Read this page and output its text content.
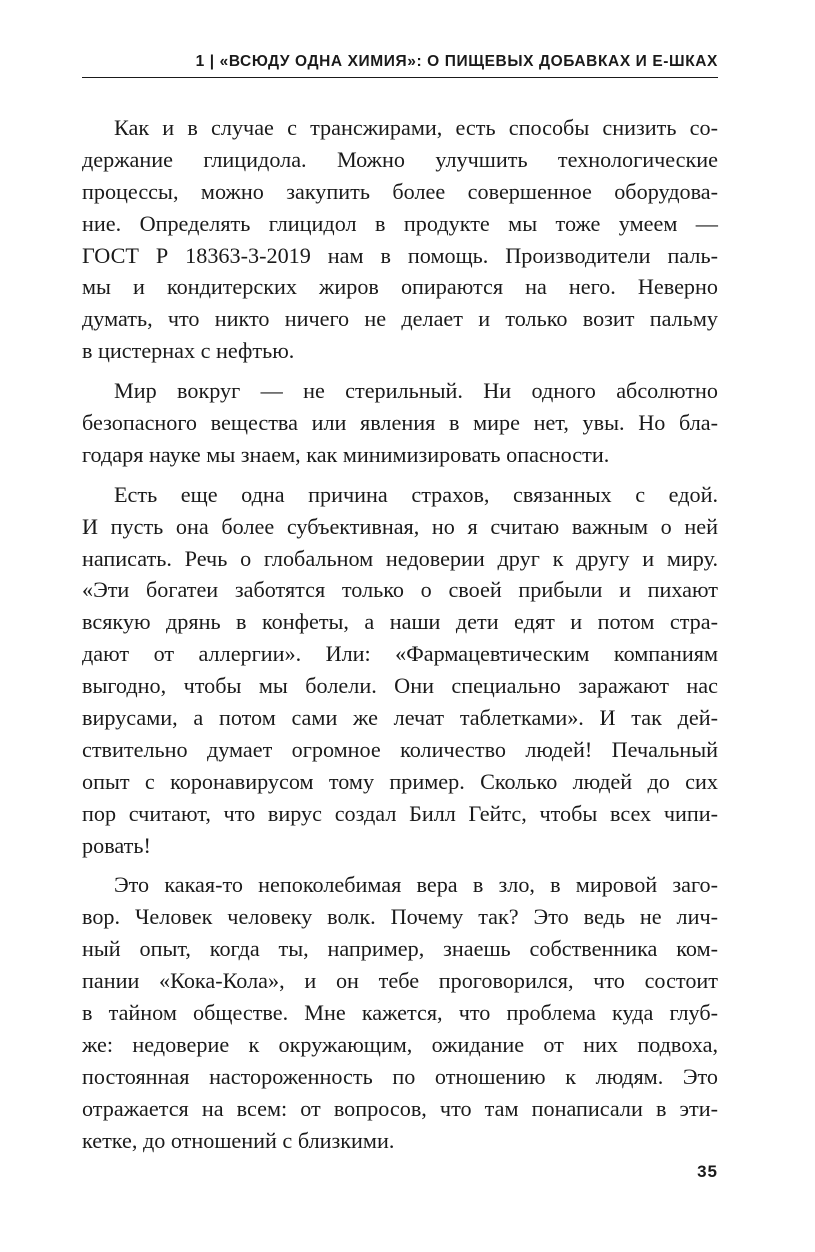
1 | «ВСЮДУ ОДНА ХИМИЯ»: О ПИЩЕВЫХ ДОБАВКАХ И Е-ШКАХ
Как и в случае с трансжирами, есть способы снизить со-
держание глицидола. Можно улучшить технологические
процессы, можно закупить более совершенное оборудова-
ние. Определять глицидол в продукте мы тоже умеем —
ГОСТ Р 18363-3-2019 нам в помощь. Производители паль-
мы и кондитерских жиров опираются на него. Неверно
думать, что никто ничего не делает и только возит пальму
в цистернах с нефтью.
Мир вокруг — не стерильный. Ни одного абсолютно
безопасного вещества или явления в мире нет, увы. Но бла-
годаря науке мы знаем, как минимизировать опасности.
Есть еще одна причина страхов, связанных с едой.
И пусть она более субъективная, но я считаю важным о ней
написать. Речь о глобальном недоверии друг к другу и миру.
«Эти богатеи заботятся только о своей прибыли и пихают
всякую дрянь в конфеты, а наши дети едят и потом стра-
дают от аллергии». Или: «Фармацевтическим компаниям
выгодно, чтобы мы болели. Они специально заражают нас
вирусами, а потом сами же лечат таблетками». И так дей-
ствительно думает огромное количество людей! Печальный
опыт с коронавирусом тому пример. Сколько людей до сих
пор считают, что вирус создал Билл Гейтс, чтобы всех чипи-
ровать!
Это какая-то непоколебимая вера в зло, в мировой заго-
вор. Человек человеку волк. Почему так? Это ведь не лич-
ный опыт, когда ты, например, знаешь собственника ком-
пании «Кока-Кола», и он тебе проговорился, что состоит
в тайном обществе. Мне кажется, что проблема куда глуб-
же: недоверие к окружающим, ожидание от них подвоха,
постоянная настороженность по отношению к людям. Это
отражается на всем: от вопросов, что там понаписали в эти-
кетке, до отношений с близкими.
35
